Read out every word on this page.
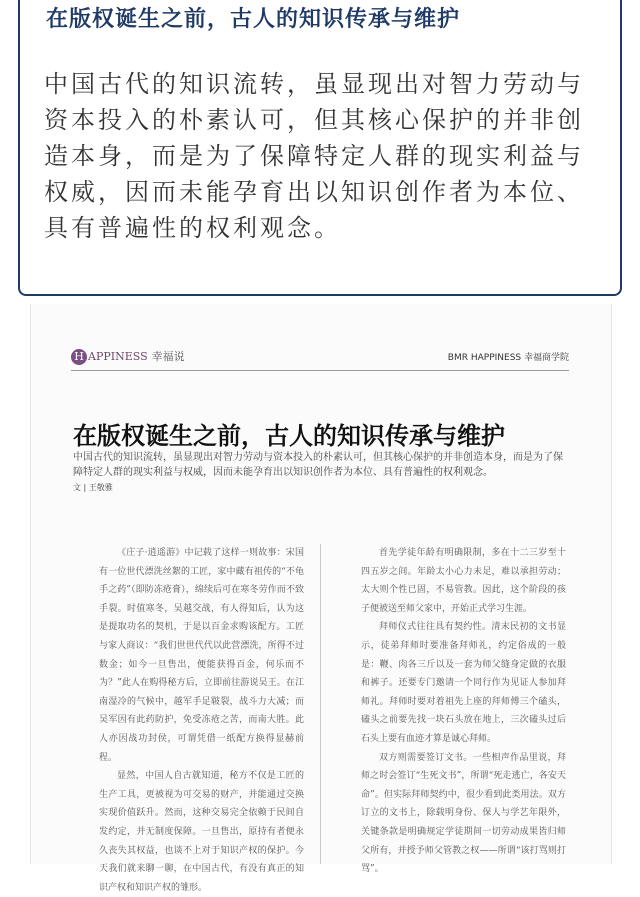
在版权诞生之前，古人的知识传承与维护
中国古代的知识流转，虽显现出对智力劳动与资本投入的朴素认可，但其核心保护的并非创造本身，而是为了保障特定人群的现实利益与权威，因而未能孕育出以知识创作者为本位、具有普遍性的权利观念。
H APPINESS 幸福说	BMR HAPPINESS 幸福商学院
在版权诞生之前，古人的知识传承与维护
中国古代的知识流转，虽显现出对智力劳动与资本投入的朴素认可，但其核心保护的并非创造本身，而是为了保障特定人群的现实利益与权威，因而未能孕育出以知识创作者为本位、具有普遍性的权利观念。
文 | 王敬雅

《庄子·逍遥游》中记载了这样一则故事：宋国有一位世代漂洗丝絮的工匠，家中藏有祖传的“不龟手之药”（即防冻疮膏），绵续后可在寒冬劳作而不致手裂。时值寒冬，吴越交战，有人得知后，认为这是提取功名的契机，于是以百金求购该配方。工匠与家人商议：“我们世世代代以此营漂洗，所得不过数金；如今一旦售出，便能获得百金，何乐而不为？”此人在购得秘方后，立即前往游说吴王。在江南湿冷的气候中，越军手足皲裂，战斗力大减；而吴军因有此药防护，免受冻疮之苦，而南大胜。此人亦因战功封侯，可谓凭借一纸配方换得显赫前程。

显然，中国人自古就知道，秘方不仅是工匠的生产工具，更被视为可交易的财产，并能通过交换实现价值跃升。然而，这种交易完全依赖于民间自发约定，并无制度保障。一旦售出，原持有者便永久丧失其权益，也谈不上对于知识产权的保护。今天我们就来聊一聊，在中国古代，有没有真正的知识产权和知识产权的雏形。

首先学徒年龄有明确限制，多在十二三岁至十四五岁之间。年龄太小心力未足，难以承担劳动；太大则个性已固，不易管教。因此，这个阶段的孩子便被送至师父家中，开始正式学习生涯。

拜师仪式往往具有契约性。清末民初的文书显示，徒弟拜师时要准备拜师礼，约定俗成的一般是：鞭、肉各三斤以及一套为师父缝身定做的衣服和裤子。还要专门邀请一个同行作为见证人参加拜师礼。拜师时要对着祖先上座的拜师傅三个磕头，磕头之前要先找一块石头放在地上，三次磕头过后石头上要有血迹才算是诚心拜师。

双方则需要签订文书。一些相声作品里说，拜师之时会签订“生死文书”，所谓“死走逃亡，各安天命”。但实际拜师契约中，很少看到此类用法。双方订立的文书上，除载明身份、保人与学艺年限外，关键条款是明确规定学徒期间一切劳动成果皆归师父所有，并授予师父管教之权——所谓“该打骂则打骂”。
